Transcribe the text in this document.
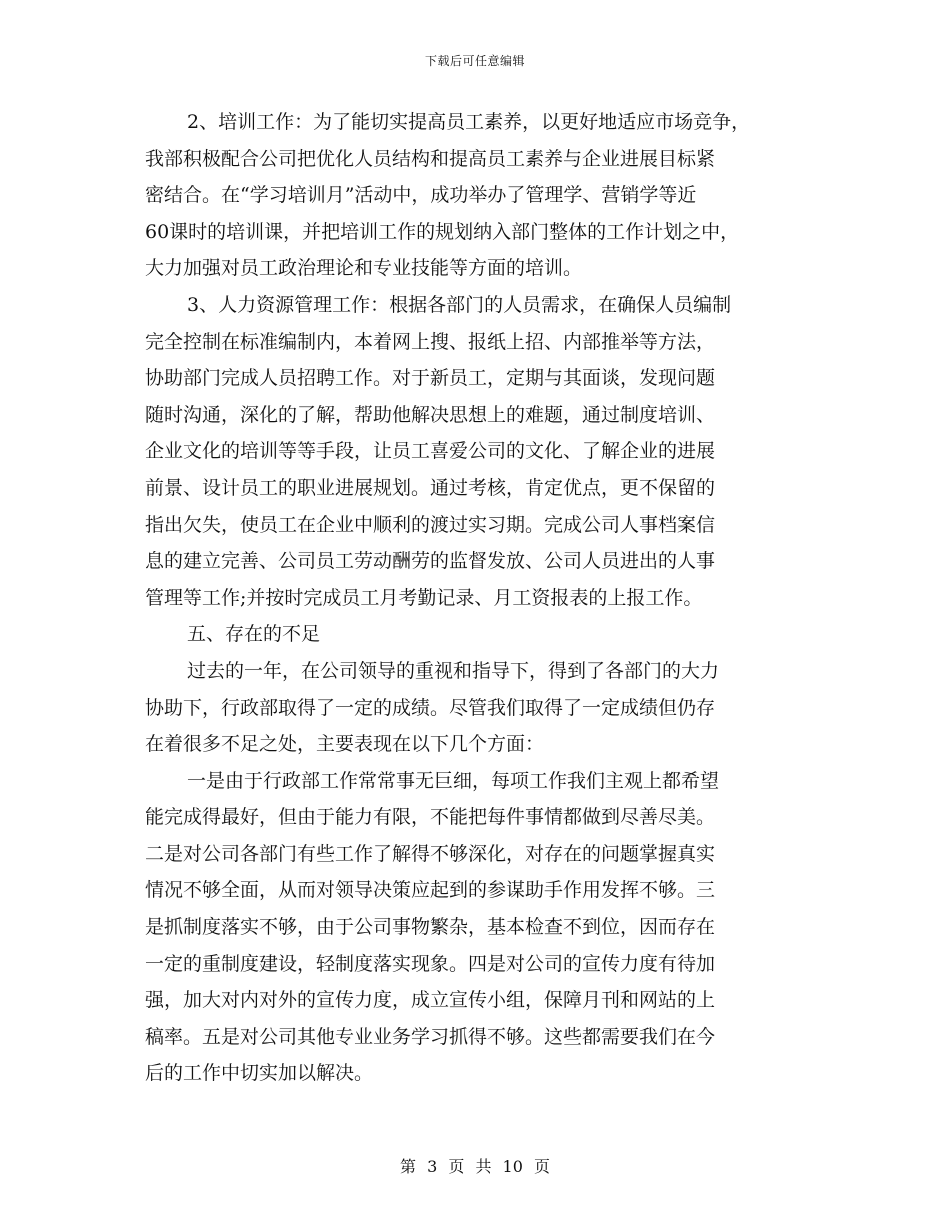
下载后可任意编辑
2、培训工作：为了能切实提高员工素养，以更好地适应市场竞争，
我部积极配合公司把优化人员结构和提高员工素养与企业进展目标紧
密结合。在“学习培训月”活动中，成功举办了管理学、营销学等近
60课时的培训课，并把培训工作的规划纳入部门整体的工作计划之中，
大力加强对员工政治理论和专业技能等方面的培训。
3、人力资源管理工作：根据各部门的人员需求，在确保人员编制
完全控制在标准编制内，本着网上搜、报纸上招、内部推举等方法，
协助部门完成人员招聘工作。对于新员工，定期与其面谈，发现问题
随时沟通，深化的了解，帮助他解决思想上的难题，通过制度培训、
企业文化的培训等等手段，让员工喜爱公司的文化、了解企业的进展
前景、设计员工的职业进展规划。通过考核，肯定优点，更不保留的
指出欠失，使员工在企业中顺利的渡过实习期。完成公司人事档案信
息的建立完善、公司员工劳动酬劳的监督发放、公司人员进出的人事
管理等工作;并按时完成员工月考勤记录、月工资报表的上报工作。
五、存在的不足
过去的一年，在公司领导的重视和指导下，得到了各部门的大力
协助下，行政部取得了一定的成绩。尽管我们取得了一定成绩但仍存
在着很多不足之处，主要表现在以下几个方面：
一是由于行政部工作常常事无巨细，每项工作我们主观上都希望
能完成得最好，但由于能力有限，不能把每件事情都做到尽善尽美。
二是对公司各部门有些工作了解得不够深化，对存在的问题掌握真实
情况不够全面，从而对领导决策应起到的参谋助手作用发挥不够。三
是抓制度落实不够，由于公司事物繁杂，基本检查不到位，因而存在
一定的重制度建设，轻制度落实现象。四是对公司的宣传力度有待加
强，加大对内对外的宣传力度，成立宣传小组，保障月刊和网站的上
稿率。五是对公司其他专业业务学习抓得不够。这些都需要我们在今
后的工作中切实加以解决。
第 3 页 共 10 页
